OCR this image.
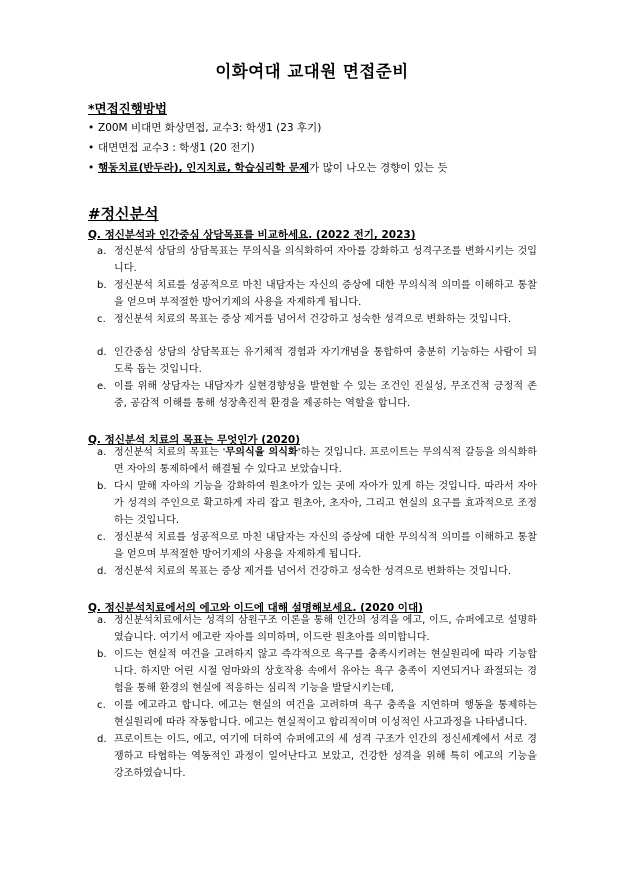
이화여대 교대원 면접준비
*면접진행방법
• Z00M 비대면 화상면접, 교수3: 학생1 (23 후기)
• 대면면접 교수3 : 학생1 (20 전기)
• 행동치료(반두라), 인지치료, 학습심리학 문제가 많이 나오는 경향이 있는 듯
#정신분석
Q. 정신분석과 인간중심 상담목표를 비교하세요. (2022 전기, 2023)
a. 정신분석 상담의 상담목표는 무의식을 의식화하여 자아를 강화하고 성격구조를 변화시키는 것입니다.
b. 정신분석 치료를 성공적으로 마친 내담자는 자신의 증상에 대한 무의식적 의미를 이해하고 통찰을 얻으며 부적절한 방어기제의 사용을 자제하게 됩니다.
c. 정신분석 치료의 목표는 증상 제거를 넘어서 건강하고 성숙한 성격으로 변화하는 것입니다.
d. 인간중심 상담의 상담목표는 유기체적 경험과 자기개념을 통합하여 충분히 기능하는 사람이 되도록 돕는 것입니다.
e. 이를 위해 상담자는 내담자가 실현경향성을 발현할 수 있는 조건인 진실성, 무조건적 긍정적 존중, 공감적 이해를 통해 성장촉진적 환경을 제공하는 역할을 합니다.
Q. 정신분석 치료의 목표는 무엇인가 (2020)
a. 정신분석 치료의 목표는 '무의식을 의식화'하는 것입니다. 프로이트는 무의식적 갈등을 의식화하면 자아의 통제하에서 해결될 수 있다고 보았습니다.
b. 다시 말해 자아의 기능을 강화하여 원초아가 있는 곳에 자아가 있게 하는 것입니다. 따라서 자아가 성격의 주인으로 확고하게 자리 잡고 원초아, 초자아, 그리고 현실의 요구를 효과적으로 조정하는 것입니다.
c. 정신분석 치료를 성공적으로 마친 내담자는 자신의 증상에 대한 무의식적 의미를 이해하고 통찰을 얻으며 부적절한 방어기제의 사용을 자제하게 됩니다.
d. 정신분석 치료의 목표는 증상 제거를 넘어서 건강하고 성숙한 성격으로 변화하는 것입니다.
Q. 정신분석치료에서의 에고와 이드에 대해 설명해보세요. (2020 이대)
a. 정신분석치료에서는 성격의 삼원구조 이론을 통해 인간의 성격을 에고, 이드, 슈퍼에고로 설명하였습니다. 여기서 에고란 자아를 의미하며, 이드란 원초아를 의미합니다.
b. 이드는 현실적 여건을 고려하지 않고 즉각적으로 욕구를 충족시키려는 현실원리에 따라 기능합니다. 하지만 어린 시절 엄마와의 상호작용 속에서 유아는 욕구 충족이 지연되거나 좌절되는 경험을 통해 환경의 현실에 적응하는 심리적 기능을 발달시키는데,
c. 이를 에고라고 합니다. 에고는 현실의 여건을 고려하며 욕구 충족을 지연하며 행동을 통제하는 현실원리에 따라 작동합니다. 에고는 현실적이고 합리적이며 이성적인 사고과정을 나타냅니다.
d. 프로이트는 이드, 에고, 여기에 더하여 슈퍼에고의 세 성격 구조가 인간의 정신세계에서 서로 경쟁하고 타협하는 역동적인 과정이 일어난다고 보았고, 건강한 성격을 위해 특히 에고의 기능을 강조하였습니다.
